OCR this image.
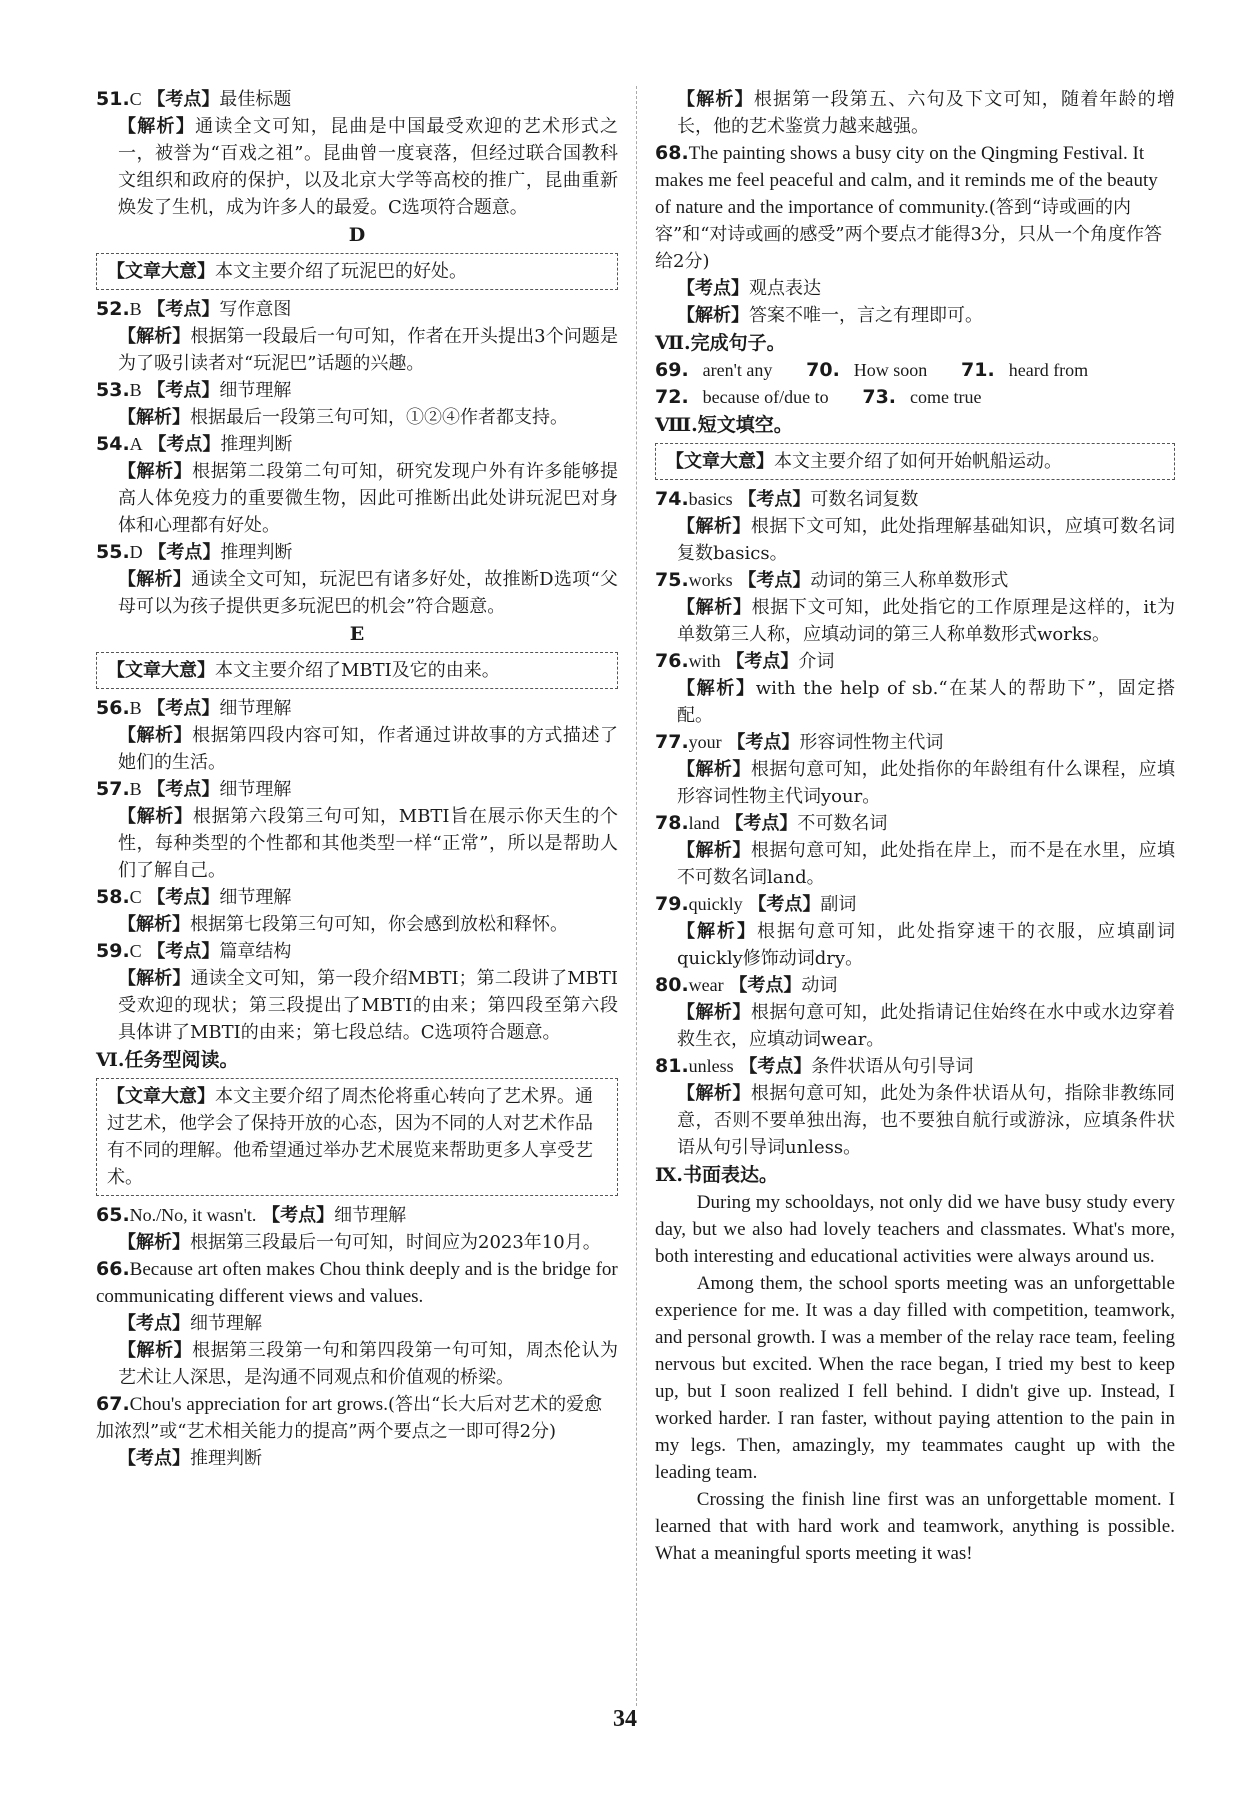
51.C 【考点】最佳标题

【解析】通读全文可知，昆曲是中国最受欢迎的艺术形式之一，被誉为“百戏之祖”。昆曲曾一度衰落，但经过联合国教科文组织和政府的保护，以及北京大学等高校的推广，昆曲重新焕发了生机，成为许多人的最爱。C选项符合题意。

D

【文章大意】本文主要介绍了玩泥巴的好处。

52.B 【考点】写作意图

【解析】根据第一段最后一句可知，作者在开头提出3个问题是为了吸引读者对“玩泥巴”话题的兴趣。

53.B 【考点】细节理解

【解析】根据最后一段第三句可知，①②④作者都支持。

54.A 【考点】推理判断

【解析】根据第二段第二句可知，研究发现户外有许多能够提高人体免疫力的重要微生物，因此可推断出此处讲玩泥巴对身体和心理都有好处。

55.D 【考点】推理判断

【解析】通读全文可知，玩泥巴有诸多好处，故推断D选项“父母可以为孩子提供更多玩泥巴的机会”符合题意。

E

【文章大意】本文主要介绍了MBTI及它的由来。

56.B 【考点】细节理解

【解析】根据第四段内容可知，作者通过讲故事的方式描述了她们的生活。

57.B 【考点】细节理解

【解析】根据第六段第三句可知，MBTI旨在展示你天生的个性，每种类型的个性都和其他类型一样“正常”，所以是帮助人们了解自己。

58.C 【考点】细节理解

【解析】根据第七段第三句可知，你会感到放松和释怀。

59.C 【考点】篇章结构

【解析】通读全文可知，第一段介绍MBTI；第二段讲了MBTI受欢迎的现状；第三段提出了MBTI的由来；第四段至第六段具体讲了MBTI的由来；第七段总结。C选项符合题意。

Ⅵ.任务型阅读。

【文章大意】本文主要介绍了周杰伦将重心转向了艺术界。通过艺术，他学会了保持开放的心态，因为不同的人对艺术作品有不同的理解。他希望通过举办艺术展览来帮助更多人享受艺术。

65.No./No, it wasn't. 【考点】细节理解

【解析】根据第三段最后一句可知，时间应为2023年10月。

66.Because art often makes Chou think deeply and is the bridge for communicating different views and values.

【考点】细节理解

【解析】根据第三段第一句和第四段第一句可知，周杰伦认为艺术让人深思，是沟通不同观点和价值观的桥梁。

67.Chou's appreciation for art grows.(答出“长大后对艺术的爱愈加浓烈”或“艺术相关能力的提高”两个要点之一即可得2分)

【考点】推理判断

【解析】根据第一段第五、六句及下文可知，随着年龄的增长，他的艺术鉴赏力越来越强。

68.The painting shows a busy city on the Qingming Festival. It makes me feel peaceful and calm, and it reminds me of the beauty of nature and the importance of community.(答到“诗或画的内容”和“对诗或画的感受”两个要点才能得3分，只从一个角度作答给2分)

【考点】观点表达

【解析】答案不唯一，言之有理即可。

Ⅶ.完成句子。

69. aren't any 70. How soon 71. heard from

72. because of/due to 73. come true

Ⅷ.短文填空。

【文章大意】本文主要介绍了如何开始帆船运动。

74.basics 【考点】可数名词复数

【解析】根据下文可知，此处指理解基础知识，应填可数名词复数basics。

75.works 【考点】动词的第三人称单数形式

【解析】根据下文可知，此处指它的工作原理是这样的，it为单数第三人称，应填动词的第三人称单数形式works。

76.with 【考点】介词

【解析】with the help of sb.“在某人的帮助下”，固定搭配。

77.your 【考点】形容词性物主代词

【解析】根据句意可知，此处指你的年龄组有什么课程，应填形容词性物主代词your。

78.land 【考点】不可数名词

【解析】根据句意可知，此处指在岸上，而不是在水里，应填不可数名词land。

79.quickly 【考点】副词

【解析】根据句意可知，此处指穿速干的衣服，应填副词quickly修饰动词dry。

80.wear 【考点】动词

【解析】根据句意可知，此处指请记住始终在水中或水边穿着救生衣，应填动词wear。

81.unless 【考点】条件状语从句引导词

【解析】根据句意可知，此处为条件状语从句，指除非教练同意，否则不要单独出海，也不要独自航行或游泳，应填条件状语从句引导词unless。

Ⅸ.书面表达。

During my schooldays, not only did we have busy study every day, but we also had lovely teachers and classmates. What's more, both interesting and educational activities were always around us.

Among them, the school sports meeting was an unforgettable experience for me. It was a day filled with competition, teamwork, and personal growth. I was a member of the relay race team, feeling nervous but excited. When the race began, I tried my best to keep up, but I soon realized I fell behind. I didn't give up. Instead, I worked harder. I ran faster, without paying attention to the pain in my legs. Then, amazingly, my teammates caught up with the leading team.

Crossing the finish line first was an unforgettable moment. I learned that with hard work and teamwork, anything is possible. What a meaningful sports meeting it was!

34
